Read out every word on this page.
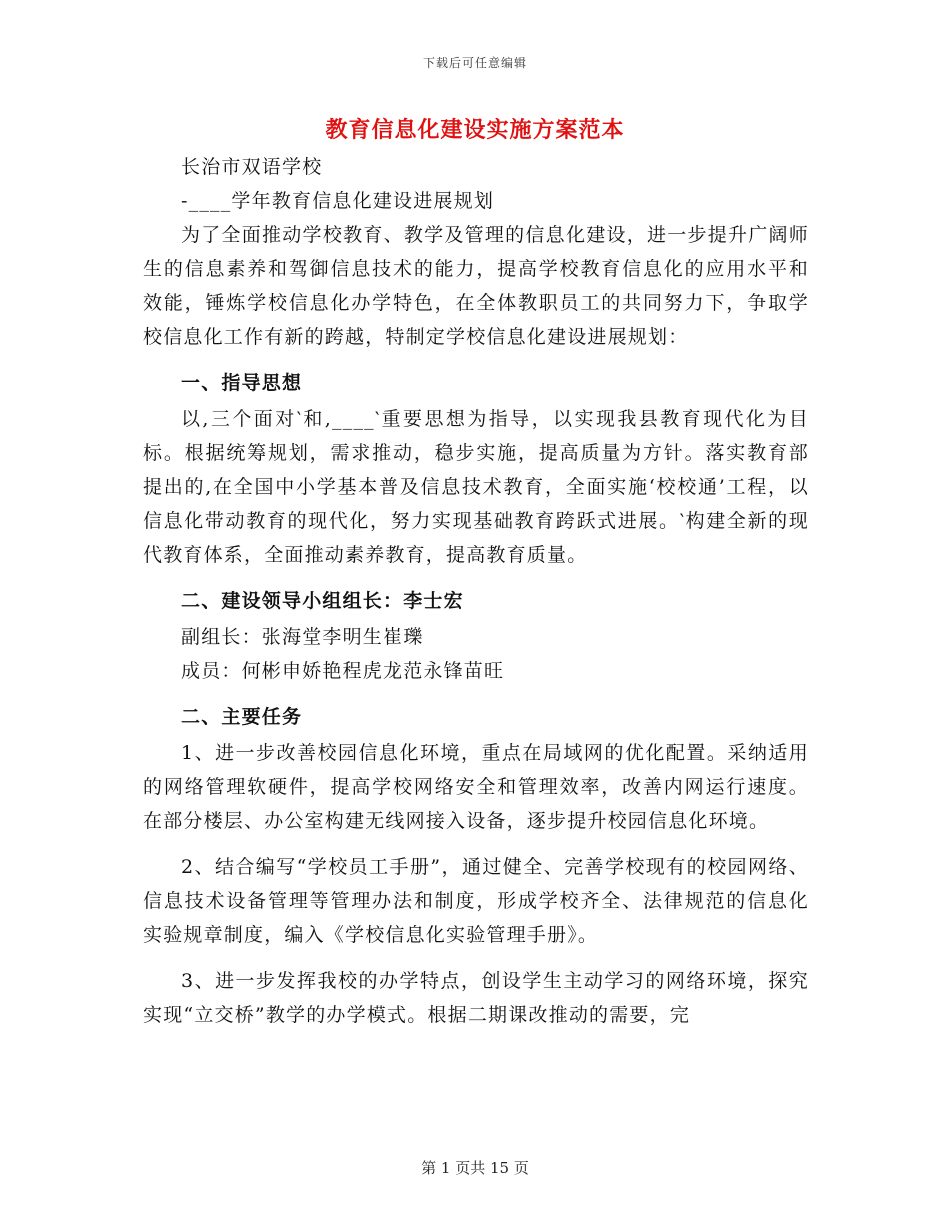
下载后可任意编辑
教育信息化建设实施方案范本

长治市双语学校

-____学年教育信息化建设进展规划

为了全面推动学校教育、教学及管理的信息化建设，进一步提升广阔师生的信息素养和驾御信息技术的能力，提高学校教育信息化的应用水平和效能，锤炼学校信息化办学特色，在全体教职员工的共同努力下，争取学校信息化工作有新的跨越，特制定学校信息化建设进展规划：

一、指导思想

以,三个面对‵和,____‵重要思想为指导，以实现我县教育现代化为目标。根据统筹规划，需求推动，稳步实施，提高质量为方针。落实教育部提出的,在全国中小学基本普及信息技术教育，全面实施‘校校通’工程，以信息化带动教育的现代化，努力实现基础教育跨跃式进展。‵构建全新的现代教育体系，全面推动素养教育，提高教育质量。

二、建设领导小组组长：李士宏

副组长：张海堂李明生崔瓅

成员：何彬申娇艳程虎龙范永锋苗旺

二、主要任务

1、进一步改善校园信息化环境，重点在局域网的优化配置。采纳适用的网络管理软硬件，提高学校网络安全和管理效率，改善内网运行速度。在部分楼层、办公室构建无线网接入设备，逐步提升校园信息化环境。

2、结合编写“学校员工手册”，通过健全、完善学校现有的校园网络、信息技术设备管理等管理办法和制度，形成学校齐全、法律规范的信息化实验规章制度，编入《学校信息化实验管理手册》。

3、进一步发挥我校的办学特点，创设学生主动学习的网络环境，探究实现“立交桥”教学的办学模式。根据二期课改推动的需要，完

第 1 页共 15 页
